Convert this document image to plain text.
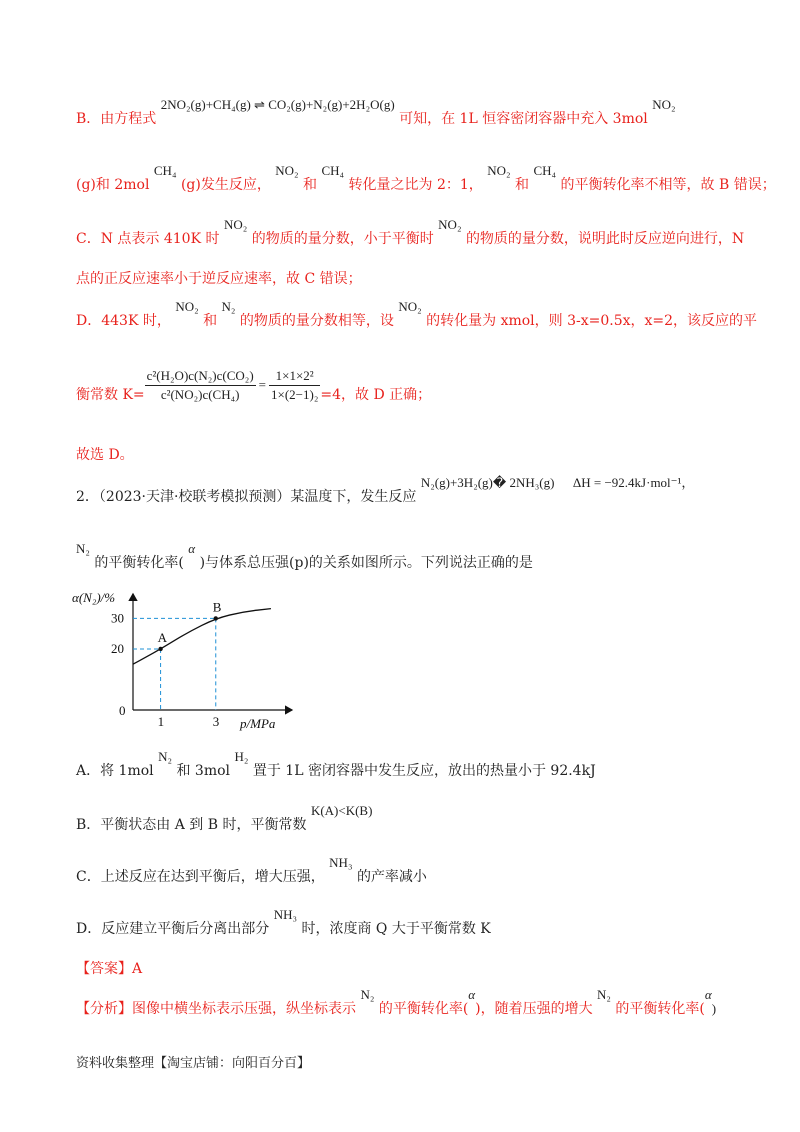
B．由方程式 2NO₂(g)+CH₄(g) ⇌ CO₂(g)+N₂(g)+2H₂O(g) 可知，在 1L 恒容密闭容器中充入 3mol NO₂
(g)和 2mol CH₄ (g)发生反应， NO₂ 和 CH₄ 转化量之比为 2：1， NO₂ 和 CH₄ 的平衡转化率不相等，故 B 错误；
C．N 点表示 410K 时 NO₂ 的物质的量分数，小于平衡时 NO₂ 的物质的量分数，说明此时反应逆向进行，N
点的正反应速率小于逆反应速率，故 C 错误；
D．443K 时， NO₂ 和 N₂ 的物质的量分数相等，设 NO₂ 的转化量为 xmol，则 3-x=0.5x，x=2，该反应的平
衡常数 $K= \frac{\text{c²(H₂O)c(N₂)c(CO₂)}}{\text{c²(NO₂)c(CH₄)}} = \frac{\text{1×1×2²}}{\text{1×(2−1)₂}} =4$，故 D 正确；
故选 D。
2．（2023·天津·校联考模拟预测）某温度下，发生反应 N₂(g)+3H₂(g)� 2NH₃(g) ΔH = −92.4kJ·mol⁻¹，
N₂ 的平衡转化率( α )与体系总压强(p)的关系如图所示。下列说法正确的是
A
B
1	3
20
30
0
α(N₂)/%
p/MPa
A．将 1mol N₂ 和 3mol H₂ 置于 1L 密闭容器中发生反应，放出的热量小于 92.4kJ
B．平衡状态由 A 到 B 时，平衡常数 K(A)<K(B)
C．上述反应在达到平衡后，增大压强， NH₃ 的产率减小
D．反应建立平衡后分离出部分 NH₃ 时，浓度商 Q 大于平衡常数 K
【答案】A
【分析】图像中横坐标表示压强，纵坐标表示 N₂ 的平衡转化率(α)，随着压强的增大 N₂ 的平衡转化率(α)
资料收集整理【淘宝店铺：向阳百分百】
